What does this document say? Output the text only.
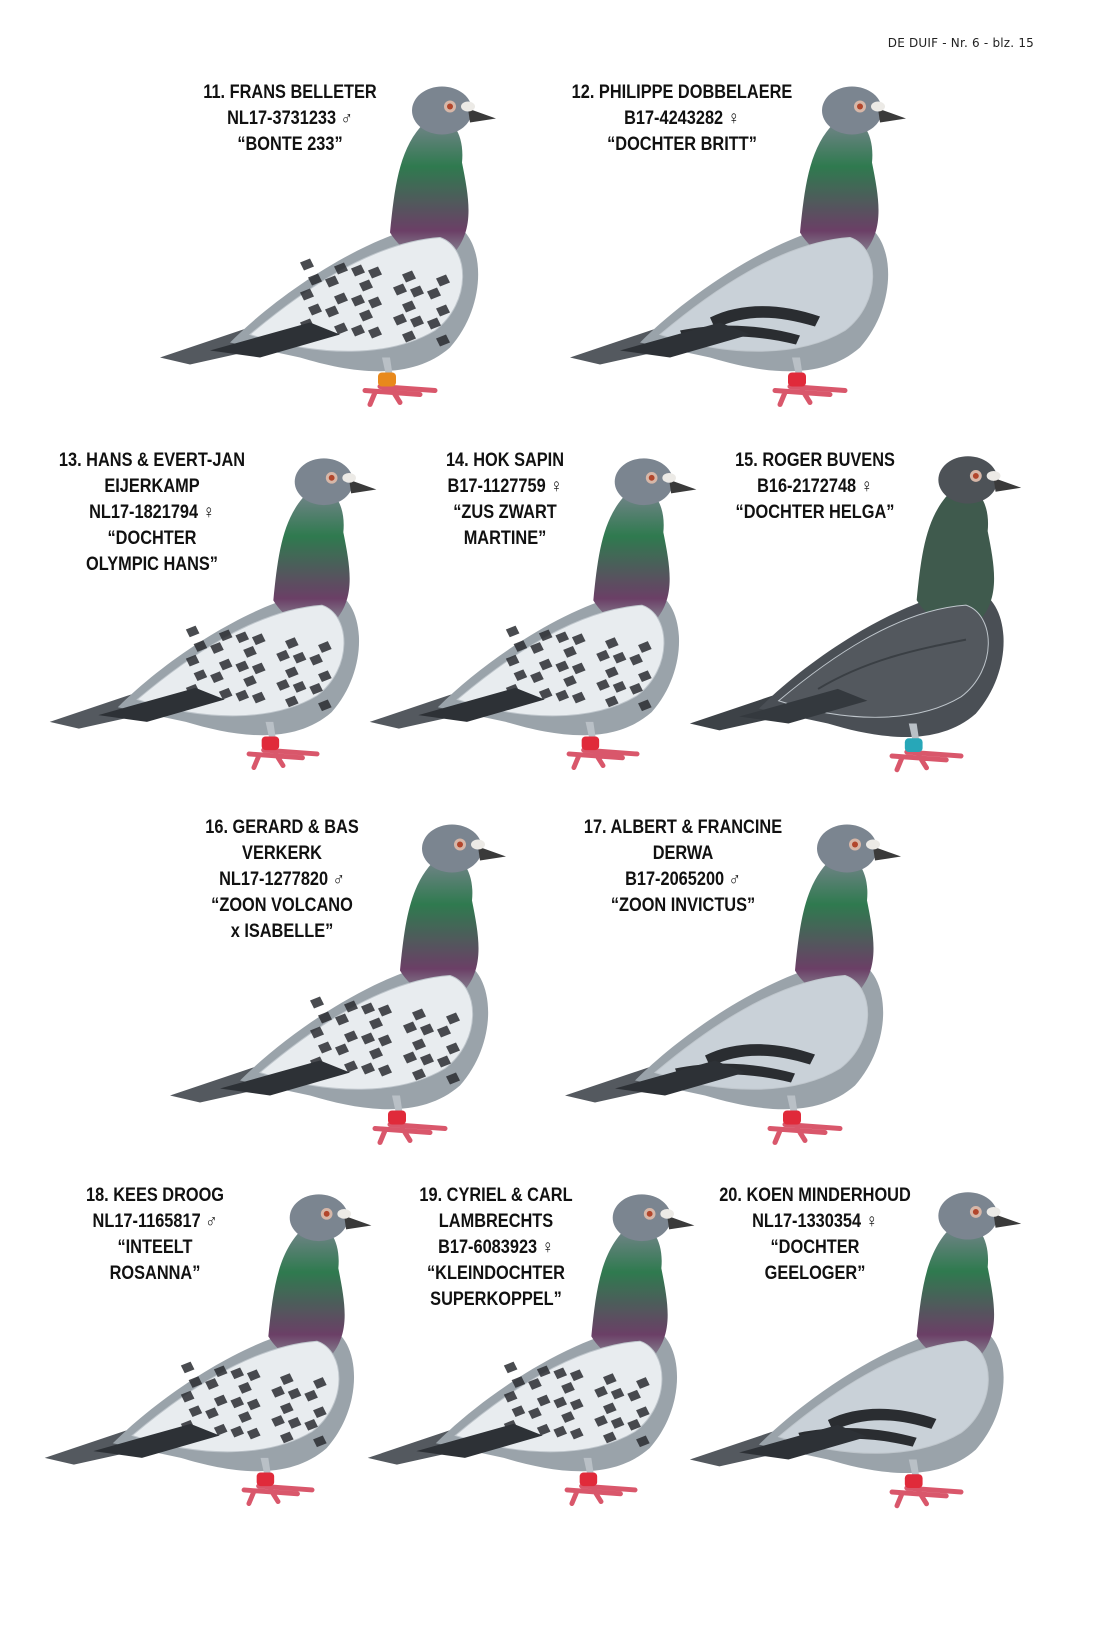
DE DUIF - Nr. 6 - blz. 15
11. FRANS BELLETER
NL17-3731233 ♂
“BONTE 233”
12. PHILIPPE DOBBELAERE
B17-4243282 ♀
“DOCHTER BRITT”
13. HANS & EVERT-JAN
EIJERKAMP
NL17-1821794 ♀
“DOCHTER
OLYMPIC HANS”
14. HOK SAPIN
B17-1127759 ♀
“ZUS ZWART
MARTINE”
15. ROGER BUVENS
B16-2172748 ♀
“DOCHTER HELGA”
16. GERARD & BAS
VERKERK
NL17-1277820 ♂
“ZOON VOLCANO
x ISABELLE”
17. ALBERT & FRANCINE
DERWA
B17-2065200 ♂
“ZOON INVICTUS”
18. KEES DROOG
NL17-1165817 ♂
“INTEELT
ROSANNA”
19. CYRIEL & CARL
LAMBRECHTS
B17-6083923 ♀
“KLEINDOCHTER
SUPERKOPPEL”
20. KOEN MINDERHOUD
NL17-1330354 ♀
“DOCHTER
GEELOGER”
